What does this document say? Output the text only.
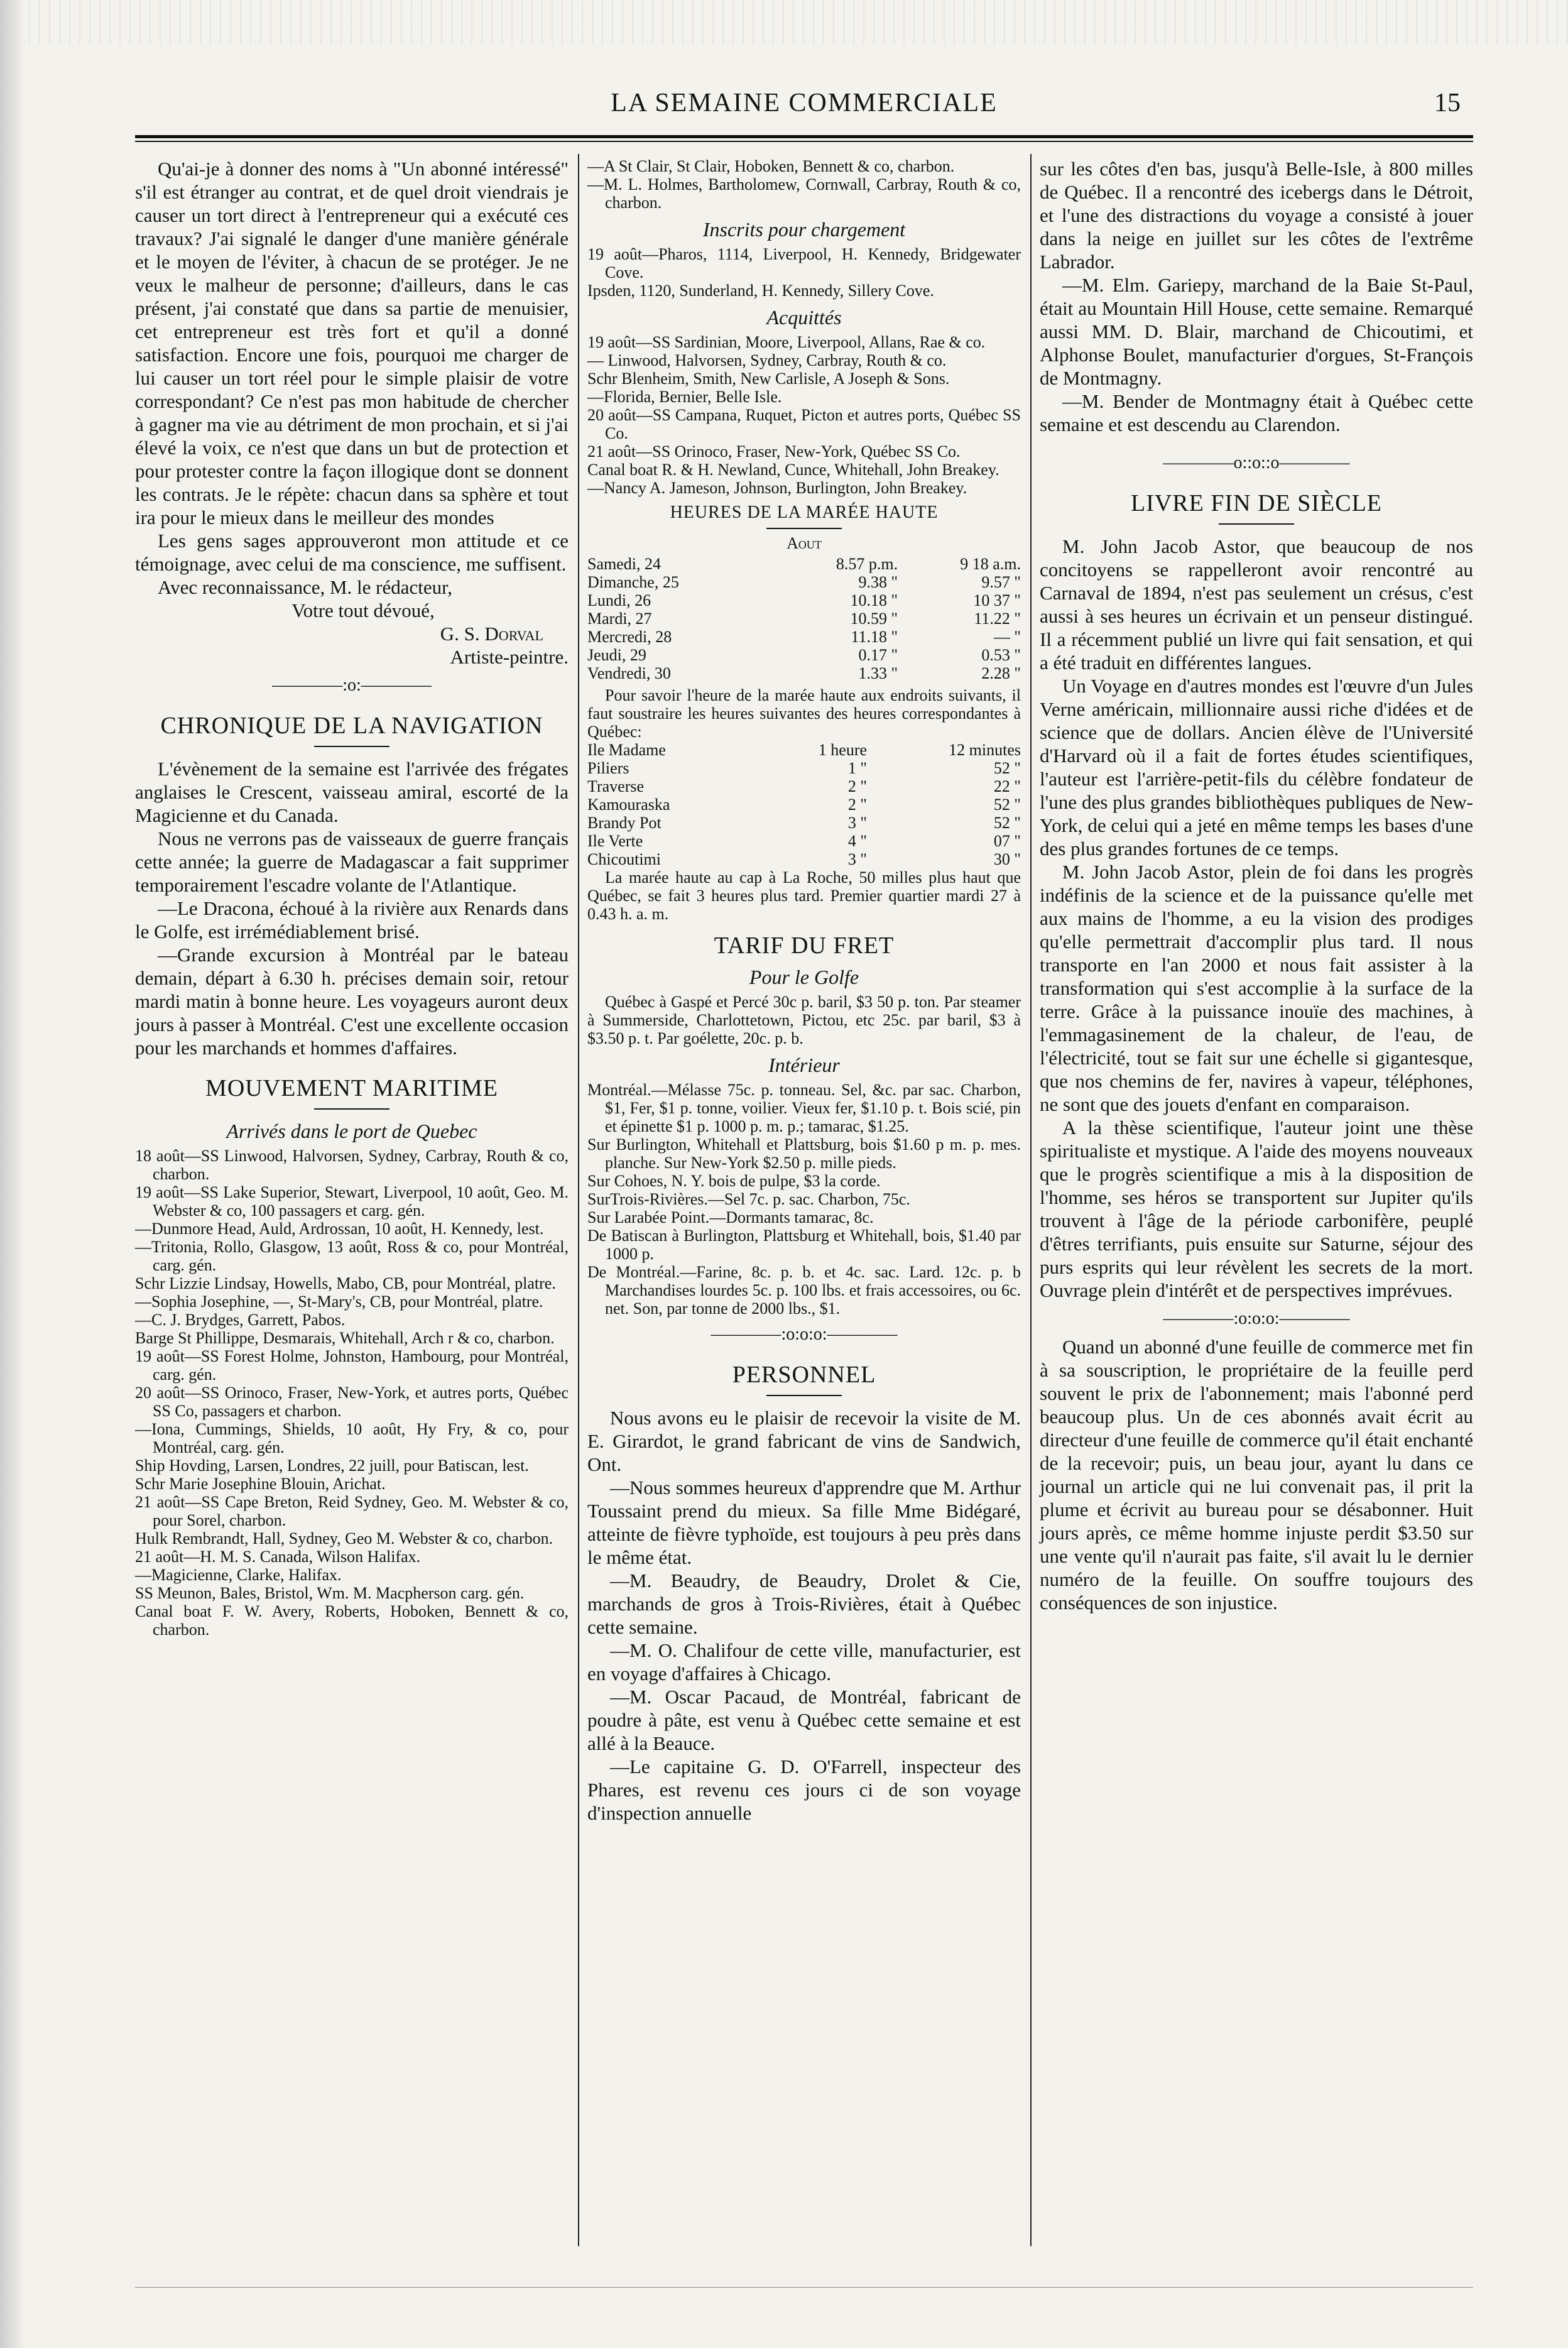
LA SEMAINE COMMERCIALE	15

Qu'ai-je à donner des noms à "Un abonné intéressé" s'il est étranger au contrat, et de quel droit viendrais je causer un tort direct à l'entrepreneur qui a exécuté ces travaux? J'ai signalé le danger d'une manière générale et le moyen de l'éviter, à chacun de se protéger. Je ne veux le malheur de personne; d'ailleurs, dans le cas présent, j'ai constaté que dans sa partie de menuisier, cet entrepreneur est très fort et qu'il a donné satisfaction. Encore une fois, pourquoi me charger de lui causer un tort réel pour le simple plaisir de votre correspondant? Ce n'est pas mon habitude de chercher à gagner ma vie au détriment de mon prochain, et si j'ai élevé la voix, ce n'est que dans un but de protection et pour protester contre la façon illogique dont se donnent les contrats. Je le répète: chacun dans sa sphère et tout ira pour le mieux dans le meilleur des mondes

Les gens sages approuveront mon attitude et ce témoignage, avec celui de ma conscience, me suffisent.

Avec reconnaissance, M. le rédacteur,

Votre tout dévoué,

G. S. Dorval

Artiste-peintre.

————:o:————
CHRONIQUE DE LA NAVIGATION

L'évènement de la semaine est l'arrivée des frégates anglaises le Crescent, vaisseau amiral, escorté de la Magicienne et du Canada.

Nous ne verrons pas de vaisseaux de guerre français cette année; la guerre de Madagascar a fait supprimer temporairement l'escadre volante de l'Atlantique.

—Le Dracona, échoué à la rivière aux Renards dans le Golfe, est irrémédiablement brisé.

—Grande excursion à Montréal par le bateau demain, départ à 6.30 h. précises demain soir, retour mardi matin à bonne heure. Les voyageurs auront deux jours à passer à Montréal. C'est une excellente occasion pour les marchands et hommes d'affaires.

MOUVEMENT MARITIME
Arrivés dans le port de Quebec

18 août—SS Linwood, Halvorsen, Sydney, Carbray, Routh & co, charbon.

19 août—SS Lake Superior, Stewart, Liverpool, 10 août, Geo. M. Webster & co, 100 passagers et carg. gén.

—Dunmore Head, Auld, Ardrossan, 10 août, H. Kennedy, lest.

—Tritonia, Rollo, Glasgow, 13 août, Ross & co, pour Montréal, carg. gén.

Schr Lizzie Lindsay, Howells, Mabo, CB, pour Montréal, platre.

—Sophia Josephine, —, St-Mary's, CB, pour Montréal, platre.

—C. J. Brydges, Garrett, Pabos.

Barge St Phillippe, Desmarais, Whitehall, Arch r & co, charbon.

19 août—SS Forest Holme, Johnston, Hambourg, pour Montréal, carg. gén.

20 août—SS Orinoco, Fraser, New-York, et autres ports, Québec SS Co, passagers et charbon.

—Iona, Cummings, Shields, 10 août, Hy Fry, & co, pour Montréal, carg. gén.

Ship Hovding, Larsen, Londres, 22 juill, pour Batiscan, lest.

Schr Marie Josephine Blouin, Arichat.

21 août—SS Cape Breton, Reid Sydney, Geo. M. Webster & co, pour Sorel, charbon.

Hulk Rembrandt, Hall, Sydney, Geo M. Webster & co, charbon.

21 août—H. M. S. Canada, Wilson Halifax.

—Magicienne, Clarke, Halifax.

SS Meunon, Bales, Bristol, Wm. M. Macpherson carg. gén.

Canal boat F. W. Avery, Roberts, Hoboken, Bennett & co, charbon.

—A St Clair, St Clair, Hoboken, Bennett & co, charbon.

—M. L. Holmes, Bartholomew, Cornwall, Carbray, Routh & co, charbon.

Inscrits pour chargement

19 août—Pharos, 1114, Liverpool, H. Kennedy, Bridgewater Cove.

Ipsden, 1120, Sunderland, H. Kennedy, Sillery Cove.

Acquittés

19 août—SS Sardinian, Moore, Liverpool, Allans, Rae & co.

— Linwood, Halvorsen, Sydney, Carbray, Routh & co.

Schr Blenheim, Smith, New Carlisle, A Joseph & Sons.

—Florida, Bernier, Belle Isle.

20 août—SS Campana, Ruquet, Picton et autres ports, Québec SS Co.

21 août—SS Orinoco, Fraser, New-York, Québec SS Co.

Canal boat R. & H. Newland, Cunce, Whitehall, John Breakey.

—Nancy A. Jameson, Johnson, Burlington, John Breakey.

HEURES DE LA MARÉE HAUTE
Aout
Samedi, 24	8.57 p.m.	9 18 a.m.
Dimanche, 25	9.38 "	9.57 "
Lundi, 26	10.18 "	10 37 "
Mardi, 27	10.59 "	11.22 "
Mercredi, 28	11.18 "	— "
Jeudi, 29	0.17 "	0.53 "
Vendredi, 30	1.33 "	2.28 "

Pour savoir l'heure de la marée haute aux endroits suivants, il faut soustraire les heures suivantes des heures correspondantes à Québec:

Ile Madame	1 heure	12 minutes
Piliers	1 "	52 "
Traverse	2 "	22 "
Kamouraska	2 "	52 "
Brandy Pot	3 "	52 "
Ile Verte	4 "	07 "
Chicoutimi	3 "	30 "

La marée haute au cap à La Roche, 50 milles plus haut que Québec, se fait 3 heures plus tard. Premier quartier mardi 27 à 0.43 h. a. m.

TARIF DU FRET
Pour le Golfe

Québec à Gaspé et Percé 30c p. baril, $3 50 p. ton. Par steamer à Summerside, Charlottetown, Pictou, etc 25c. par baril, $3 à $3.50 p. t. Par goélette, 20c. p. b.

Intérieur

Montréal.—Mélasse 75c. p. tonneau. Sel, &c. par sac. Charbon, $1, Fer, $1 p. tonne, voilier. Vieux fer, $1.10 p. t. Bois scié, pin et épinette $1 p. 1000 p. m. p.; tamarac, $1.25.

Sur Burlington, Whitehall et Plattsburg, bois $1.60 p m. p. mes. planche. Sur New-York $2.50 p. mille pieds.

Sur Cohoes, N. Y. bois de pulpe, $3 la corde.

SurTrois-Rivières.—Sel 7c. p. sac. Charbon, 75c.

Sur Larabée Point.—Dormants tamarac, 8c.

De Batiscan à Burlington, Plattsburg et Whitehall, bois, $1.40 par 1000 p.

De Montréal.—Farine, 8c. p. b. et 4c. sac. Lard. 12c. p. b Marchandises lourdes 5c. p. 100 lbs. et frais accessoires, ou 6c. net. Son, par tonne de 2000 lbs., $1.

————:o:o:o:————
PERSONNEL

Nous avons eu le plaisir de recevoir la visite de M. E. Girardot, le grand fabricant de vins de Sandwich, Ont.

—Nous sommes heureux d'apprendre que M. Arthur Toussaint prend du mieux. Sa fille Mme Bidégaré, atteinte de fièvre typhoïde, est toujours à peu près dans le même état.

—M. Beaudry, de Beaudry, Drolet & Cie, marchands de gros à Trois-Rivières, était à Québec cette semaine.

—M. O. Chalifour de cette ville, manufacturier, est en voyage d'affaires à Chicago.

—M. Oscar Pacaud, de Montréal, fabricant de poudre à pâte, est venu à Québec cette semaine et est allé à la Beauce.

—Le capitaine G. D. O'Farrell, inspecteur des Phares, est revenu ces jours ci de son voyage d'inspection annuelle

sur les côtes d'en bas, jusqu'à Belle-Isle, à 800 milles de Québec. Il a rencontré des icebergs dans le Détroit, et l'une des distractions du voyage a consisté à jouer dans la neige en juillet sur les côtes de l'extrême Labrador.

—M. Elm. Gariepy, marchand de la Baie St-Paul, était au Mountain Hill House, cette semaine. Remarqué aussi MM. D. Blair, marchand de Chicoutimi, et Alphonse Boulet, manufacturier d'orgues, St-François de Montmagny.

—M. Bender de Montmagny était à Québec cette semaine et est descendu au Clarendon.

————o::o::o————
LIVRE FIN DE SIÈCLE

M. John Jacob Astor, que beaucoup de nos concitoyens se rappelleront avoir rencontré au Carnaval de 1894, n'est pas seulement un crésus, c'est aussi à ses heures un écrivain et un penseur distingué. Il a récemment publié un livre qui fait sensation, et qui a été traduit en différentes langues.

Un Voyage en d'autres mondes est l'œuvre d'un Jules Verne américain, millionnaire aussi riche d'idées et de science que de dollars. Ancien élève de l'Université d'Harvard où il a fait de fortes études scientifiques, l'auteur est l'arrière-petit-fils du célèbre fondateur de l'une des plus grandes bibliothèques publiques de New-York, de celui qui a jeté en même temps les bases d'une des plus grandes fortunes de ce temps.

M. John Jacob Astor, plein de foi dans les progrès indéfinis de la science et de la puissance qu'elle met aux mains de l'homme, a eu la vision des prodiges qu'elle permettrait d'accomplir plus tard. Il nous transporte en l'an 2000 et nous fait assister à la transformation qui s'est accomplie à la surface de la terre. Grâce à la puissance inouïe des machines, à l'emmagasinement de la chaleur, de l'eau, de l'électricité, tout se fait sur une échelle si gigantesque, que nos chemins de fer, navires à vapeur, téléphones, ne sont que des jouets d'enfant en comparaison.

A la thèse scientifique, l'auteur joint une thèse spiritualiste et mystique. A l'aide des moyens nouveaux que le progrès scientifique a mis à la disposition de l'homme, ses héros se transportent sur Jupiter qu'ils trouvent à l'âge de la période carbonifère, peuplé d'êtres terrifiants, puis ensuite sur Saturne, séjour des purs esprits qui leur révèlent les secrets de la mort. Ouvrage plein d'intérêt et de perspectives imprévues.

————:o:o:o:————

Quand un abonné d'une feuille de commerce met fin à sa souscription, le propriétaire de la feuille perd souvent le prix de l'abonnement; mais l'abonné perd beaucoup plus. Un de ces abonnés avait écrit au directeur d'une feuille de commerce qu'il était enchanté de la recevoir; puis, un beau jour, ayant lu dans ce journal un article qui ne lui convenait pas, il prit la plume et écrivit au bureau pour se désabonner. Huit jours après, ce même homme injuste perdit $3.50 sur une vente qu'il n'aurait pas faite, s'il avait lu le dernier numéro de la feuille. On souffre toujours des conséquences de son injustice.
